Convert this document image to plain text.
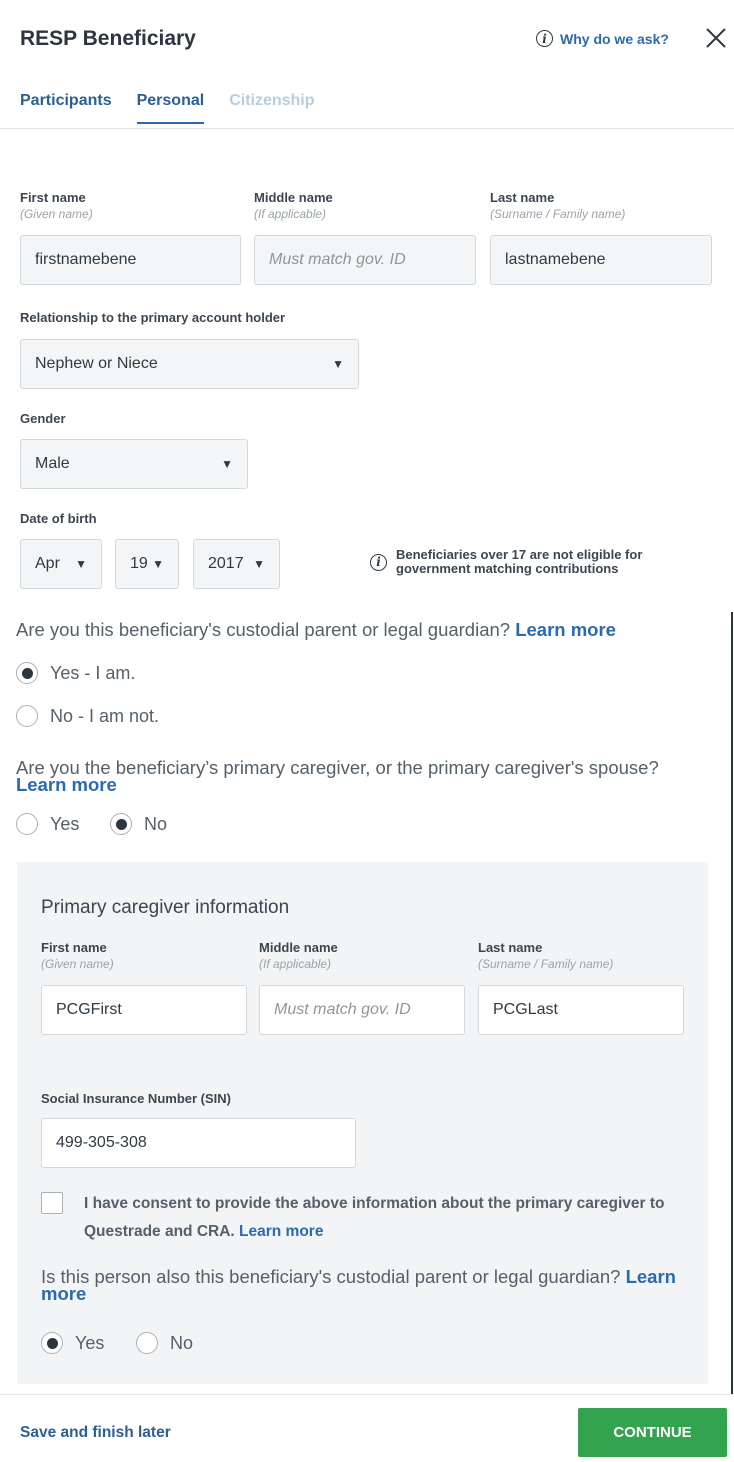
RESP Beneficiary	i Why do we ask?
Participants Personal Citizenship
First name
(Given name)
firstnamebene
Middle name
(If applicable)
Must match gov. ID
Last name
(Surname / Family name)
lastnamebene
Relationship to the primary account holder
Nephew or Niece	▼
Gender
Male	▼
Date of birth
Apr ▼	19 ▼	2017 ▼	i	Beneficiaries over 17 are not eligible for government matching contributions
Are you this beneficiary's custodial parent or legal guardian? Learn more
Yes - I am.
No - I am not.
Are you the beneficiary’s primary caregiver, or the primary caregiver's spouse? Learn more
Yes	No
Primary caregiver information
First name
(Given name)
PCGFirst
Middle name
(If applicable)
Must match gov. ID
Last name
(Surname / Family name)
PCGLast
Social Insurance Number (SIN)
499-305-308
I have consent to provide the above information about the primary caregiver to Questrade and CRA. Learn more
Is this person also this beneficiary's custodial parent or legal guardian? Learn more
Yes	No
Save and finish later	CONTINUE
